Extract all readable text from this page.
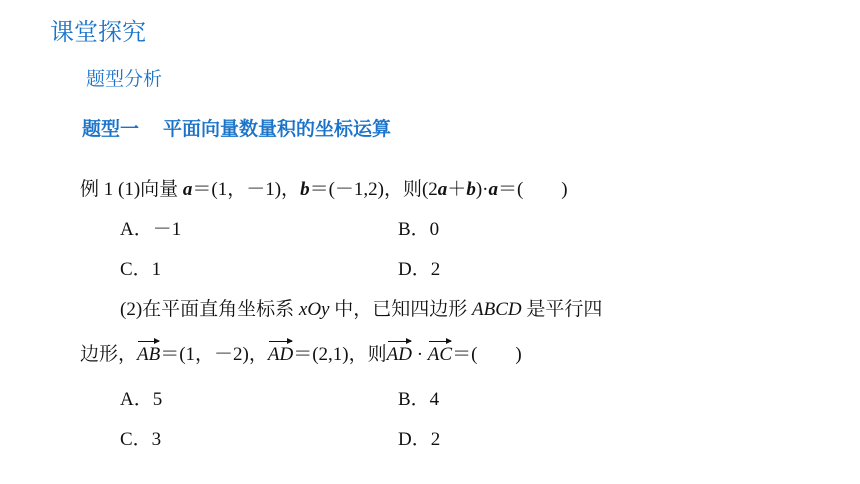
课堂探究
题型分析
题型一 平面向量数量积的坐标运算
例 1 (1)向量 a＝(1，－1)，b＝(－1,2)，则(2a＋b)·a＝(　　)
A．－1	B．0
C．1	D．2
(2)在平面直角坐标系 xOy 中，已知四边形 ABCD 是平行四
边形，AB＝(1，－2)，AD＝(2,1)，则AD · AC＝(　　)
A．5	B．4
C．3	D．2
